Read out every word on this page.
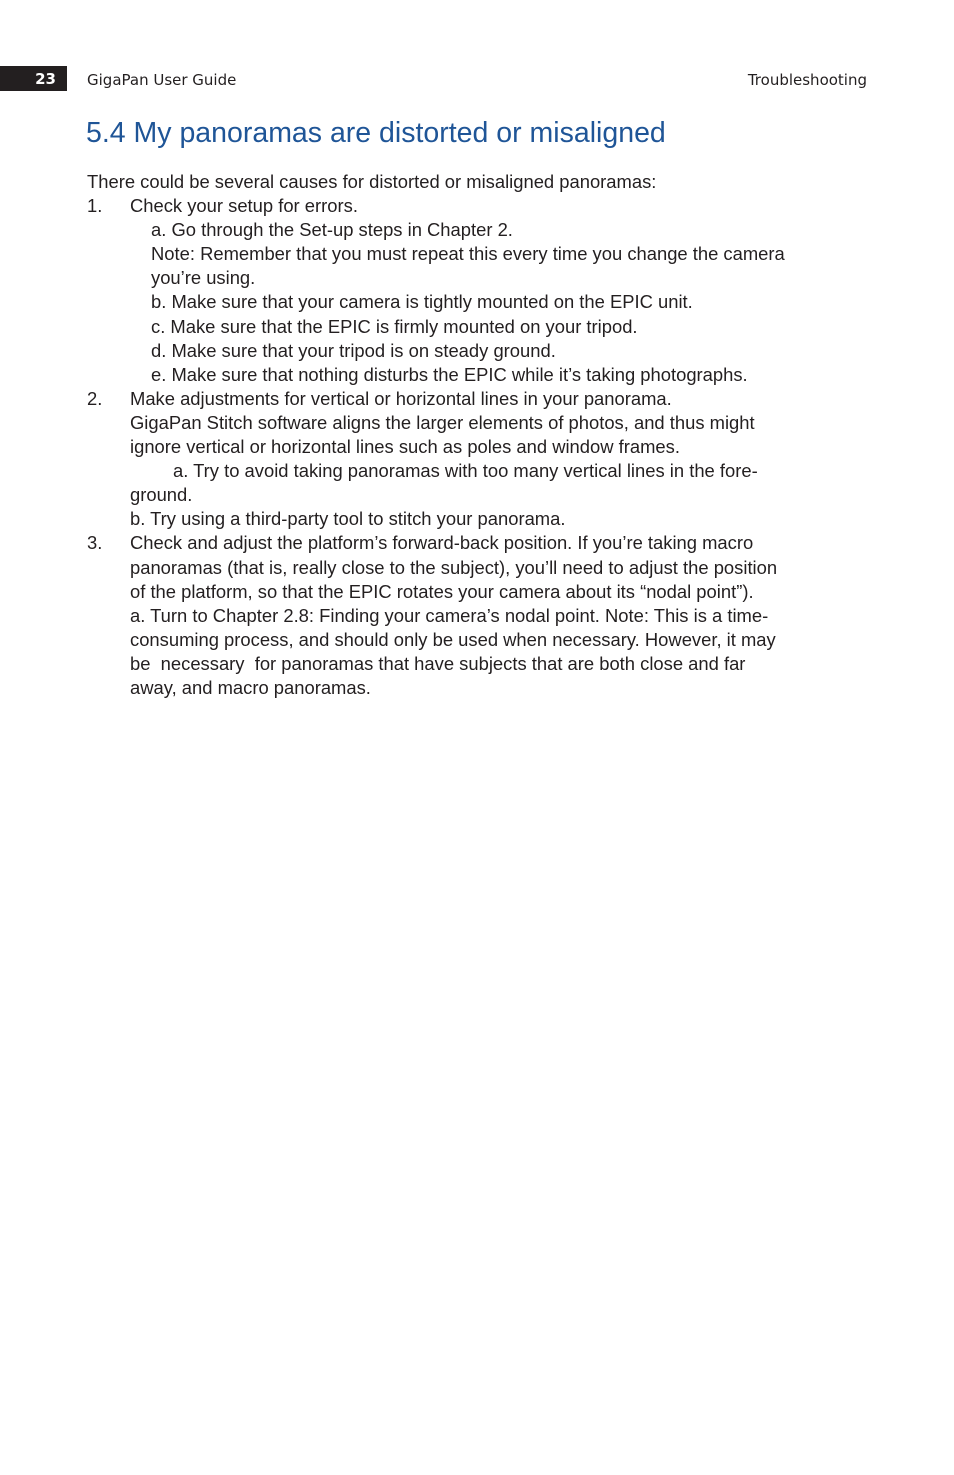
23 GigaPan User Guide	Troubleshooting
5.4 My panoramas are distorted or misaligned
There could be several causes for distorted or misaligned panoramas:
1. Check your setup for errors.
a. Go through the Set-up steps in Chapter 2.
Note: Remember that you must repeat this every time you change the camera
you’re using.
b. Make sure that your camera is tightly mounted on the EPIC unit.
c. Make sure that the EPIC is firmly mounted on your tripod.
d. Make sure that your tripod is on steady ground.
e. Make sure that nothing disturbs the EPIC while it’s taking photographs.
2. Make adjustments for vertical or horizontal lines in your panorama.
GigaPan Stitch software aligns the larger elements of photos, and thus might
ignore vertical or horizontal lines such as poles and window frames.
a. Try to avoid taking panoramas with too many vertical lines in the fore-
ground.
b. Try using a third-party tool to stitch your panorama.
3. Check and adjust the platform’s forward-back position. If you’re taking macro
panoramas (that is, really close to the subject), you’ll need to adjust the position
of the platform, so that the EPIC rotates your camera about its “nodal point”).
a. Turn to Chapter 2.8: Finding your camera’s nodal point. Note: This is a time-
consuming process, and should only be used when necessary. However, it may
be  necessary  for panoramas that have subjects that are both close and far
away, and macro panoramas.
